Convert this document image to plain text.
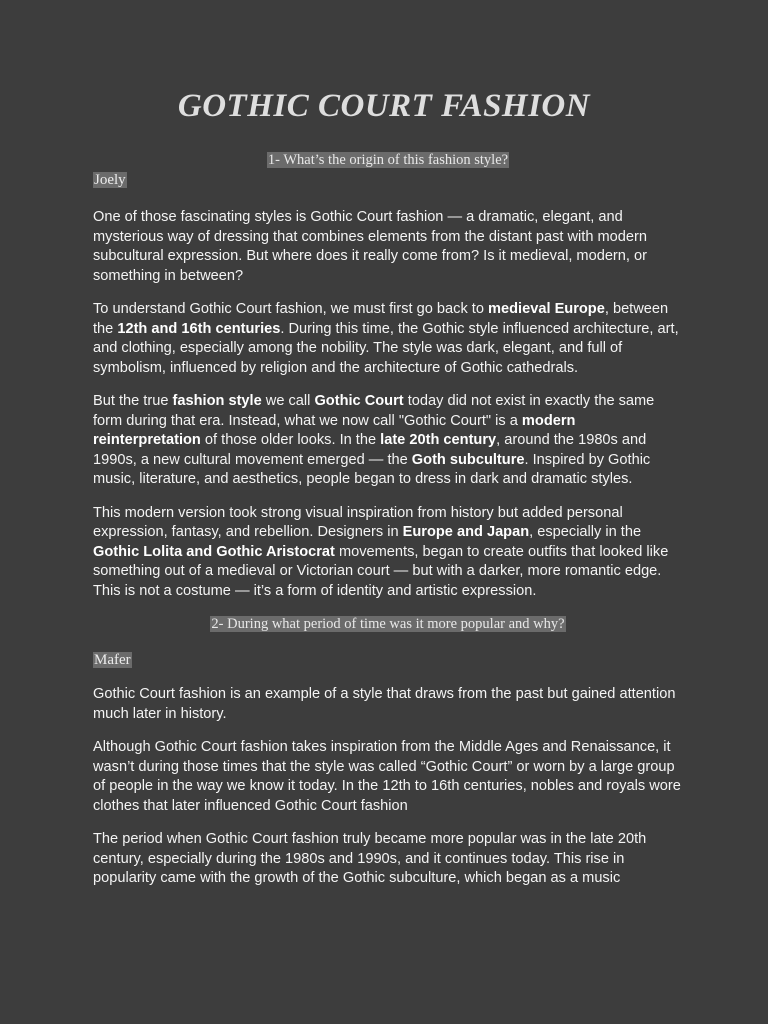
GOTHIC COURT FASHION

1- What’s the origin of this fashion style?

Joely

One of those fascinating styles is Gothic Court fashion — a dramatic, elegant, and mysterious way of dressing that combines elements from the distant past with modern subcultural expression. But where does it really come from? Is it medieval, modern, or something in between?

To understand Gothic Court fashion, we must first go back to medieval Europe, between the 12th and 16th centuries. During this time, the Gothic style influenced architecture, art, and clothing, especially among the nobility. The style was dark, elegant, and full of symbolism, influenced by religion and the architecture of Gothic cathedrals.

But the true fashion style we call Gothic Court today did not exist in exactly the same form during that era. Instead, what we now call "Gothic Court" is a modern reinterpretation of those older looks. In the late 20th century, around the 1980s and 1990s, a new cultural movement emerged — the Goth subculture. Inspired by Gothic music, literature, and aesthetics, people began to dress in dark and dramatic styles.

This modern version took strong visual inspiration from history but added personal expression, fantasy, and rebellion. Designers in Europe and Japan, especially in the Gothic Lolita and Gothic Aristocrat movements, began to create outfits that looked like something out of a medieval or Victorian court — but with a darker, more romantic edge. This is not a costume — it’s a form of identity and artistic expression.

2- During what period of time was it more popular and why?

Mafer

Gothic Court fashion is an example of a style that draws from the past but gained attention much later in history.

Although Gothic Court fashion takes inspiration from the Middle Ages and Renaissance, it wasn’t during those times that the style was called “Gothic Court” or worn by a large group of people in the way we know it today. In the 12th to 16th centuries, nobles and royals wore clothes that later influenced Gothic Court fashion

The period when Gothic Court fashion truly became more popular was in the late 20th century, especially during the 1980s and 1990s, and it continues today. This rise in popularity came with the growth of the Gothic subculture, which began as a music
